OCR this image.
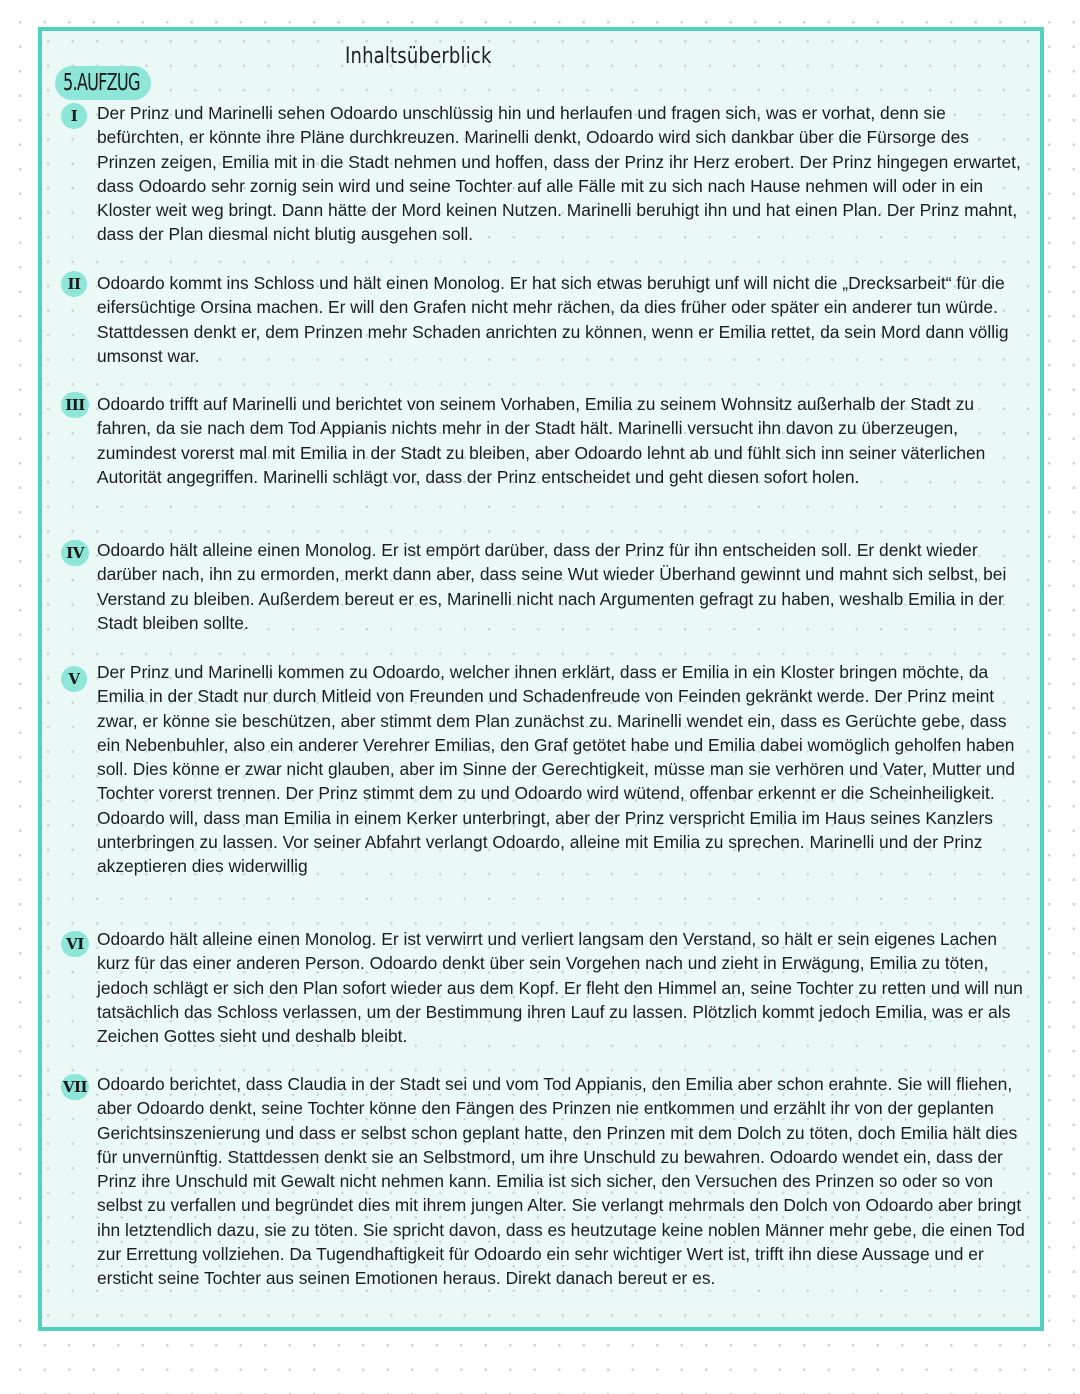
Inhaltsüberblick
5.AUFZUG
I	Der Prinz und Marinelli sehen Odoardo unschlüssig hin und herlaufen und fragen sich, was er vorhat, denn sie befürchten, er könnte ihre Pläne durchkreuzen. Marinelli denkt, Odoardo wird sich dankbar über die Fürsorge des Prinzen zeigen, Emilia mit in die Stadt nehmen und hoffen, dass der Prinz ihr Herz erobert. Der Prinz hingegen erwartet, dass Odoardo sehr zornig sein wird und seine Tochter auf alle Fälle mit zu sich nach Hause nehmen will oder in ein Kloster weit weg bringt. Dann hätte der Mord keinen Nutzen. Marinelli beruhigt ihn und hat einen Plan. Der Prinz mahnt, dass der Plan diesmal nicht blutig ausgehen soll.

II Odoardo kommt ins Schloss und hält einen Monolog. Er hat sich etwas beruhigt unf will nicht die „Drecksarbeit“ für die eifersüchtige Orsina machen. Er will den Grafen nicht mehr rächen, da dies früher oder später ein anderer tun würde. Stattdessen denkt er, dem Prinzen mehr Schaden anrichten zu können, wenn er Emilia rettet, da sein Mord dann völlig umsonst war.

III Odoardo trifft auf Marinelli und berichtet von seinem Vorhaben, Emilia zu seinem Wohnsitz außerhalb der Stadt zu fahren, da sie nach dem Tod Appianis nichts mehr in der Stadt hält. Marinelli versucht ihn davon zu überzeugen, zumindest vorerst mal mit Emilia in der Stadt zu bleiben, aber Odoardo lehnt ab und fühlt sich inn seiner väterlichen Autorität angegriffen. Marinelli schlägt vor, dass der Prinz entscheidet und geht diesen sofort holen.

IV Odoardo hält alleine einen Monolog. Er ist empört darüber, dass der Prinz für ihn entscheiden soll. Er denkt wieder darüber nach, ihn zu ermorden, merkt dann aber, dass seine Wut wieder Überhand gewinnt und mahnt sich selbst, bei Verstand zu bleiben. Außerdem bereut er es, Marinelli nicht nach Argumenten gefragt zu haben, weshalb Emilia in der Stadt bleiben sollte.

V	Der Prinz und Marinelli kommen zu Odoardo, welcher ihnen erklärt, dass er Emilia in ein Kloster bringen möchte, da Emilia in der Stadt nur durch Mitleid von Freunden und Schadenfreude von Feinden gekränkt werde. Der Prinz meint zwar, er könne sie beschützen, aber stimmt dem Plan zunächst zu. Marinelli wendet ein, dass es Gerüchte gebe, dass ein Nebenbuhler, also ein anderer Verehrer Emilias, den Graf getötet habe und Emilia dabei womöglich geholfen haben soll. Dies könne er zwar nicht glauben, aber im Sinne der Gerechtigkeit, müsse man sie verhören und Vater, Mutter und Tochter vorerst trennen. Der Prinz stimmt dem zu und Odoardo wird wütend, offenbar erkennt er die Scheinheiligkeit. Odoardo will, dass man Emilia in einem Kerker unterbringt, aber der Prinz verspricht Emilia im Haus seines Kanzlers unterbringen zu lassen. Vor seiner Abfahrt verlangt Odoardo, alleine mit Emilia zu sprechen. Marinelli und der Prinz akzeptieren dies widerwillig

VI Odoardo hält alleine einen Monolog. Er ist verwirrt und verliert langsam den Verstand, so hält er sein eigenes Lachen kurz für das einer anderen Person. Odoardo denkt über sein Vorgehen nach und zieht in Erwägung, Emilia zu töten, jedoch schlägt er sich den Plan sofort wieder aus dem Kopf. Er fleht den Himmel an, seine Tochter zu retten und will nun tatsächlich das Schloss verlassen, um der Bestimmung ihren Lauf zu lassen. Plötzlich kommt jedoch Emilia, was er als Zeichen Gottes sieht und deshalb bleibt.

VII Odoardo berichtet, dass Claudia in der Stadt sei und vom Tod Appianis, den Emilia aber schon erahnte. Sie will fliehen, aber Odoardo denkt, seine Tochter könne den Fängen des Prinzen nie entkommen und erzählt ihr von der geplanten Gerichtsinszenierung und dass er selbst schon geplant hatte, den Prinzen mit dem Dolch zu töten, doch Emilia hält dies für unvernünftig. Stattdessen denkt sie an Selbstmord, um ihre Unschuld zu bewahren. Odoardo wendet ein, dass der Prinz ihre Unschuld mit Gewalt nicht nehmen kann. Emilia ist sich sicher, den Versuchen des Prinzen so oder so von selbst zu verfallen und begründet dies mit ihrem jungen Alter. Sie verlangt mehrmals den Dolch von Odoardo aber bringt ihn letztendlich dazu, sie zu töten. Sie spricht davon, dass es heutzutage keine noblen Männer mehr gebe, die einen Tod zur Errettung vollziehen. Da Tugendhaftigkeit für Odoardo ein sehr wichtiger Wert ist, trifft ihn diese Aussage und er ersticht seine Tochter aus seinen Emotionen heraus. Direkt danach bereut er es.
